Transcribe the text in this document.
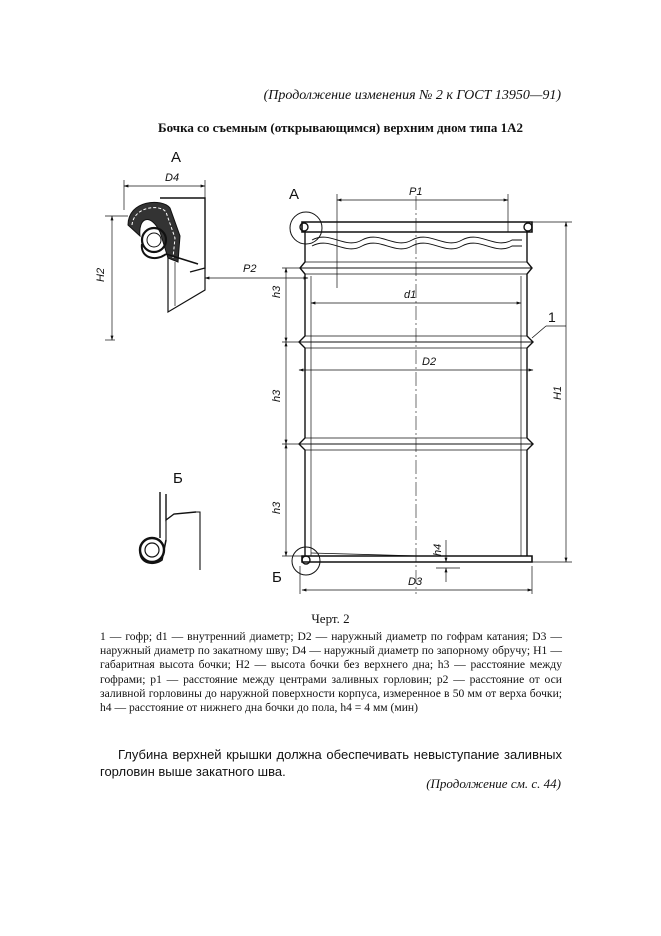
(Продолжение изменения № 2 к ГОСТ 13950—91)
Бочка со съемным (открывающимся) верхним дном типа 1А2
А
D4
H2	P2
Б
А
Б
P1
d1
D2
D3
h3
h3
h3
H1
h4
1
Черт. 2

1 — гофр; d1 — внутренний диаметр; D2 — наружный диаметр по гофрам катания; D3 — наружный диаметр по закатному шву; D4 — наружный диаметр по запорному обручу; H1 — габаритная высота бочки; H2 — высота бочки без верхнего дна; h3 — расстояние между гофрами; p1 — расстояние между центрами заливных горловин; p2 — расстояние от оси заливной горловины до наружной поверхности корпуса, измеренное в 50 мм от верха бочки; h4 — расстояние от нижнего дна бочки до пола, h4 = 4 мм (мин)

Глубина верхней крышки должна обеспечивать невыступание заливных горловин выше закатного шва.

(Продолжение см. с. 44)
